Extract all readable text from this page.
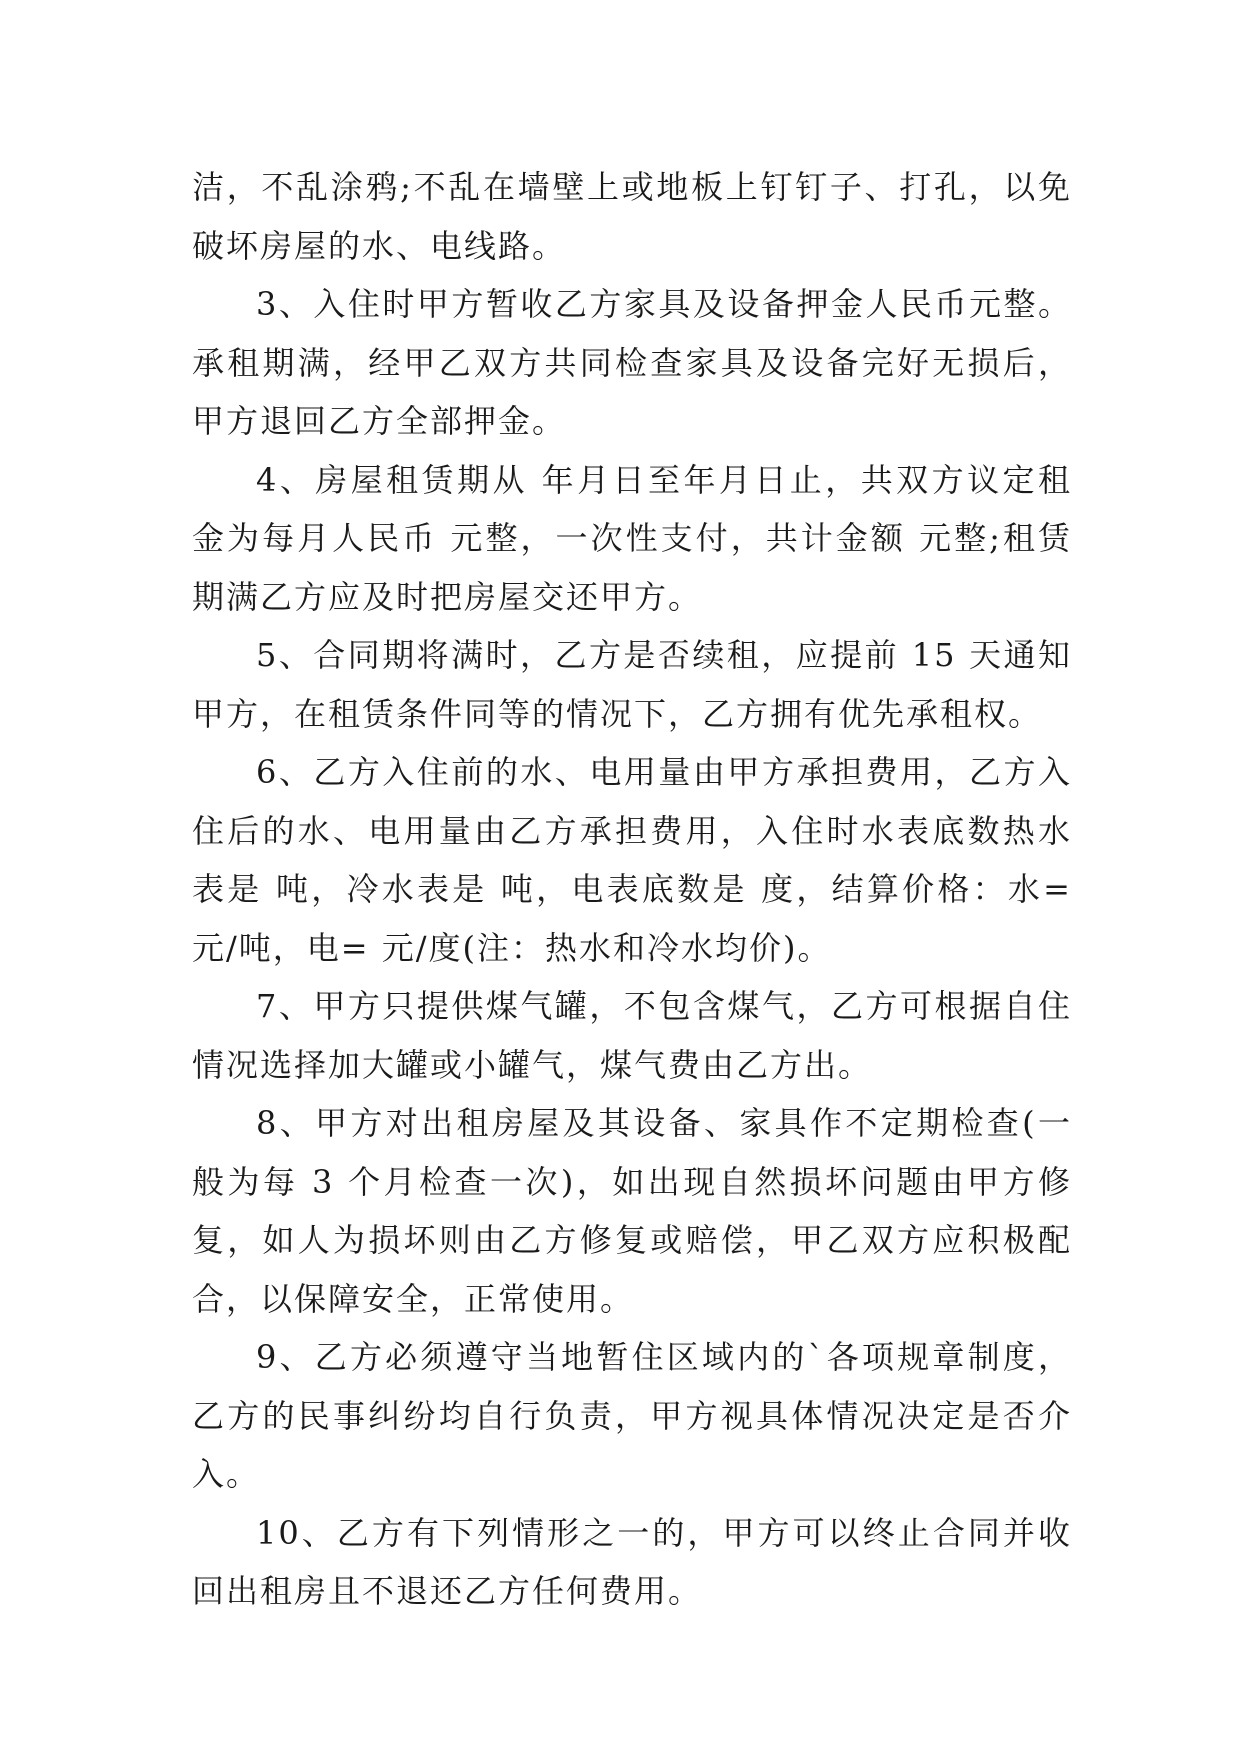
洁，不乱涂鸦;不乱在墙壁上或地板上钉钉子、打孔，以免破坏房屋的水、电线路。

3、入住时甲方暂收乙方家具及设备押金人民币元整。承租期满，经甲乙双方共同检查家具及设备完好无损后，甲方退回乙方全部押金。

4、房屋租赁期从 年月日至年月日止，共双方议定租金为每月人民币 元整，一次性支付，共计金额 元整;租赁期满乙方应及时把房屋交还甲方。

5、合同期将满时，乙方是否续租，应提前 15 天通知甲方，在租赁条件同等的情况下，乙方拥有优先承租权。

6、乙方入住前的水、电用量由甲方承担费用，乙方入住后的水、电用量由乙方承担费用，入住时水表底数热水表是 吨，冷水表是 吨，电表底数是 度，结算价格：水= 元/吨，电= 元/度(注：热水和冷水均价)。

7、甲方只提供煤气罐，不包含煤气，乙方可根据自住情况选择加大罐或小罐气，煤气费由乙方出。

8、甲方对出租房屋及其设备、家具作不定期检查(一般为每 3 个月检查一次)，如出现自然损坏问题由甲方修复，如人为损坏则由乙方修复或赔偿，甲乙双方应积极配合，以保障安全，正常使用。

9、乙方必须遵守当地暂住区域内的`各项规章制度，乙方的民事纠纷均自行负责，甲方视具体情况决定是否介入。

10、乙方有下列情形之一的，甲方可以终止合同并收回出租房且不退还乙方任何费用。
